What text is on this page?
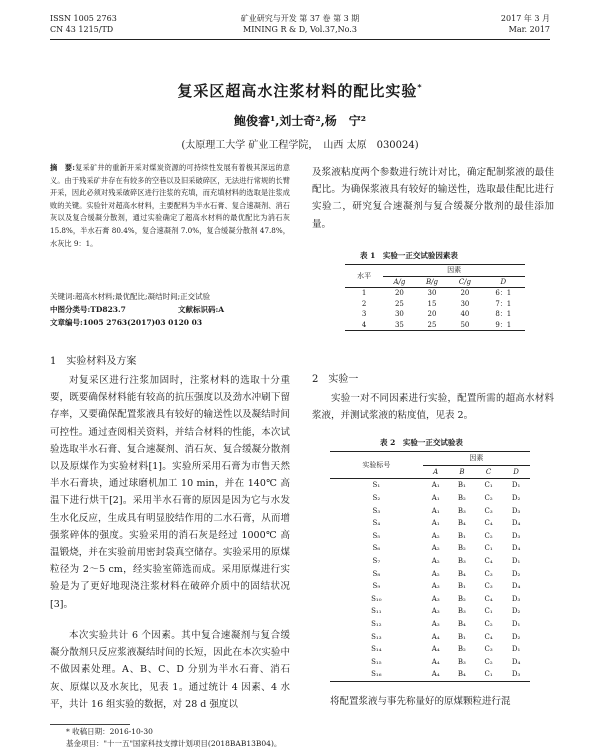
ISSN 1005 2763
CN 43 1215/TD
矿业研究与开发 第 37 卷 第 3 期
MINING R & D, Vol.37,No.3
2017 年 3 月
Mar. 2017
复采区超高水注浆材料的配比实验*
鲍俊睿¹,刘士奇²,杨　宁²
(太原理工大学 矿业工程学院，　山西 太原　030024)
摘　要:复采矿井的重新开采对煤炭资源的可持续性发展有着极其深远的意义。由于残采矿井存在有较多的空巷以及旧采破碎区，无法进行常规的长臂开采，因此必须对残采破碎区进行注浆的充填，而充填材料的选取是注浆成败的关键。实验针对超高水材料，主要配料为半水石膏、复合速凝剂、消石灰以及复合缓凝分散剂，通过实验确定了超高水材料的最优配比为消石灰 15.8%，半水石膏 80.4%，复合速凝剂 7.0%，复合缓凝分散剂 47.8%，水灰比 9：1。
关键词:超高水材料;最优配比;凝结时间;正交试验
中图分类号:TD823.7	文献标识码:A
文章编号:1005 2763(2017)03 0120 03
1　实验材料及方案
对复采区进行注浆加固时，注浆材料的选取十分重要，既要确保材料能有较高的抗压强度以及劲水冲刷下留存率，又要确保配置浆液具有较好的输送性以及凝结时间可控性。通过查阅相关资料，并结合材料的性能，本次试验选取半水石膏、复合速凝剂、消石灰、复合缓凝分散剂以及原煤作为实验材料[1]。实验所采用石膏为市售天然半水石膏块，通过球磨机加工 10 min，并在 140℃ 高温下进行烘干[2]。采用半水石膏的原因是因为它与水发生水化反应，生成具有明显胶结作用的二水石膏，从而增强浆碎体的强度。实验采用的消石灰是经过 1000℃ 高温锻烧，并在实验前用密封袋真空储存。实验采用的原煤粒径为 2～5 cm，经实验室筛选而成。采用原煤进行实验是为了更好地现浇注浆材料在破碎介质中的固结状况[3]。
本次实验共计 6 个因素。其中复合速凝剂与复合缓凝分散剂只反应浆液凝结时间的长短，因此在本次实验中不做因素处理。A、B、C、D 分别为半水石膏、消石灰、原煤以及水灰比，见表 1。通过统计 4 因素、4 水平，共计 16 组实验的数据，对 28 d 强度以
* 收稿日期：2016-10-30
基金项目："十一五"国家科技支撑计划项目(2018BAB13B04)。
及浆液粘度两个参数进行统计对比，确定配制浆液的最佳配比。为确保浆液具有较好的输送性，选取最佳配比进行实验二，研究复合速凝剂与复合缓凝分散剂的最佳添加量。
表 1　实验一正交试验因素表
水平	因素			
	A/g	B/g	C/g	D
1	20	30	20	6：1
2	25	15	30	7：1
3	30	20	40	8：1
4	35	25	50	9：1
2　实验一
实验一对不同因素进行实验，配置所需的超高水材料浆液，并测试浆液的粘度值，见表 2。
表 2　实验一正交试验表
实验标号	因素			
	A	B	C	D
S₁	A₁	B₁	C₁	D₁
S₂	A₁	B₂	C₂	D₂
S₃	A₁	B₃	C₃	D₃
S₄	A₁	B₄	C₄	D₄
S₅	A₂	B₁	C₂	D₃
S₆	A₂	B₂	C₁	D₄
S₇	A₂	B₃	C₄	D₁
S₈	A₂	B₄	C₃	D₂
S₉	A₃	B₁	C₃	D₄
S₁₀	A₃	B₂	C₄	D₃
S₁₁	A₃	B₃	C₁	D₂
S₁₂	A₃	B₄	C₂	D₁
S₁₃	A₄	B₁	C₄	D₂
S₁₄	A₄	B₂	C₃	D₁
S₁₅	A₄	B₃	C₂	D₄
S₁₆	A₄	B₄	C₁	D₃
将配置浆液与事先称量好的原煤颗粒进行混
